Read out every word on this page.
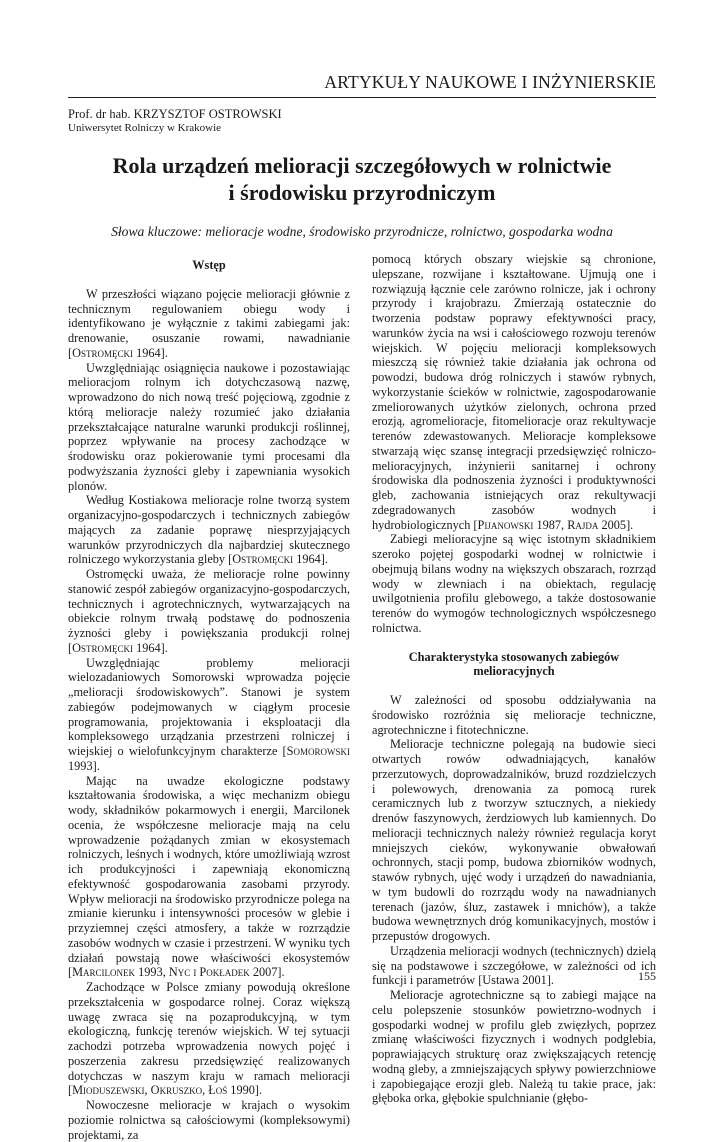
ARTYKUŁY NAUKOWE I INŻYNIERSKIE
Prof. dr hab. KRZYSZTOF OSTROWSKI
Uniwersytet Rolniczy w Krakowie
Rola urządzeń melioracji szczegółowych w rolnictwie
i środowisku przyrodniczym
Słowa kluczowe: melioracje wodne, środowisko przyrodnicze, rolnictwo, gospodarka wodna
Wstęp

W przeszłości wiązano pojęcie melioracji głównie z technicznym regulowaniem obiegu wody i identyfikowano je wyłącznie z takimi zabiegami jak: drenowanie, osuszanie rowami, nawadnianie [Ostromęcki 1964].

Uwzględniając osiągnięcia naukowe i pozostawiając melioracjom rolnym ich dotychczasową nazwę, wprowadzono do nich nową treść pojęciową, zgodnie z którą melioracje należy rozumieć jako działania przekształcające naturalne warunki produkcji roślinnej, poprzez wpływanie na procesy zachodzące w środowisku oraz pokierowanie tymi procesami dla podwyższania żyzności gleby i zapewniania wysokich plonów.

Według Kostiakowa melioracje rolne tworzą system organizacyjno-gospodarczych i technicznych zabiegów mających za zadanie poprawę niesprzyjających warunków przyrodniczych dla najbardziej skutecznego rolniczego wykorzystania gleby [Ostromęcki 1964].

Ostromęcki uważa, że melioracje rolne powinny stanowić zespół zabiegów organizacyjno-gospodarczych, technicznych i agrotechnicznych, wytwarzających na obiekcie rolnym trwałą podstawę do podnoszenia żyzności gleby i powiększania produkcji rolnej [Ostromęcki 1964].

Uwzględniając problemy melioracji wielozadaniowych Somorowski wprowadza pojęcie „melioracji środowiskowych”. Stanowi je system zabiegów podejmowanych w ciągłym procesie programowania, projektowania i eksploatacji dla kompleksowego urządzania przestrzeni rolniczej i wiejskiej o wielofunkcyjnym charakterze [Somorowski 1993].

Mając na uwadze ekologiczne podstawy kształtowania środowiska, a więc mechanizm obiegu wody, składników pokarmowych i energii, Marcilonek ocenia, że współczesne melioracje mają na celu wprowadzenie pożądanych zmian w ekosystemach rolniczych, leśnych i wodnych, które umożliwiają wzrost ich produkcyjności i zapewniają ekonomiczną efektywność gospodarowania zasobami przyrody. Wpływ melioracji na środowisko przyrodnicze polega na zmianie kierunku i intensywności procesów w glebie i przyziemnej części atmosfery, a także w rozrządzie zasobów wodnych w czasie i przestrzeni. W wyniku tych działań powstają nowe właściwości ekosystemów [Marcilonek 1993, Nyc i Pokładek 2007].

Zachodzące w Polsce zmiany powodują określone przekształcenia w gospodarce rolnej. Coraz większą uwagę zwraca się na pozaprodukcyjną, w tym ekologiczną, funkcję terenów wiejskich. W tej sytuacji zachodzi potrzeba wprowadzenia nowych pojęć i poszerzenia zakresu przedsięwzięć realizowanych dotychczas w naszym kraju w ramach melioracji [Mioduszewski, Okruszko, Łoś 1990].

Nowoczesne melioracje w krajach o wysokim poziomie rolnictwa są całościowymi (kompleksowymi) projektami, za

pomocą których obszary wiejskie są chronione, ulepszane, rozwijane i kształtowane. Ujmują one i rozwiązują łącznie cele zarówno rolnicze, jak i ochrony przyrody i krajobrazu. Zmierzają ostatecznie do tworzenia podstaw poprawy efektywności pracy, warunków życia na wsi i całościowego rozwoju terenów wiejskich. W pojęciu melioracji kompleksowych mieszczą się również takie działania jak ochrona od powodzi, budowa dróg rolniczych i stawów rybnych, wykorzystanie ścieków w rolnictwie, zagospodarowanie zmeliorowanych użytków zielonych, ochrona przed erozją, agromelioracje, fitomelioracje oraz rekultywacje terenów zdewastowanych. Melioracje kompleksowe stwarzają więc szansę integracji przedsięwzięć rolniczo-melioracyjnych, inżynierii sanitarnej i ochrony środowiska dla podnoszenia żyzności i produktywności gleb, zachowania istniejących oraz rekultywacji zdegradowanych zasobów wodnych i hydrobiologicznych [Pijanowski 1987, Rajda 2005].

Zabiegi melioracyjne są więc istotnym składnikiem szeroko pojętej gospodarki wodnej w rolnictwie i obejmują bilans wodny na większych obszarach, rozrząd wody w zlewniach i na obiektach, regulację uwilgotnienia profilu glebowego, a także dostosowanie terenów do wymogów technologicznych współczesnego rolnictwa.

Charakterystyka stosowanych zabiegów melioracyjnych

W zależności od sposobu oddziaływania na środowisko rozróżnia się melioracje techniczne, agrotechniczne i fitotechniczne.

Melioracje techniczne polegają na budowie sieci otwartych rowów odwadniających, kanałów przerzutowych, doprowadzalników, bruzd rozdzielczych i polewowych, drenowania za pomocą rurek ceramicznych lub z tworzyw sztucznych, a niekiedy drenów faszynowych, żerdziowych lub kamiennych. Do melioracji technicznych należy również regulacja koryt mniejszych cieków, wykonywanie obwałowań ochronnych, stacji pomp, budowa zbiorników wodnych, stawów rybnych, ujęć wody i urządzeń do nawadniania, w tym budowli do rozrządu wody na nawadnianych terenach (jazów, śluz, zastawek i mnichów), a także budowa wewnętrznych dróg komunikacyjnych, mostów i przepustów drogowych.

Urządzenia melioracji wodnych (technicznych) dzielą się na podstawowe i szczegółowe, w zależności od ich funkcji i parametrów [Ustawa 2001].

Melioracje agrotechniczne są to zabiegi mające na celu polepszenie stosunków powietrzno-wodnych i gospodarki wodnej w profilu gleb zwięzłych, poprzez zmianę właściwości fizycznych i wodnych podglebia, poprawiających strukturę oraz zwiększających retencję wodną gleby, a zmniejszających spływy powierzchniowe i zapobiegające erozji gleb. Należą tu takie prace, jak: głęboka orka, głębokie spulchnianie (głębo-

155
